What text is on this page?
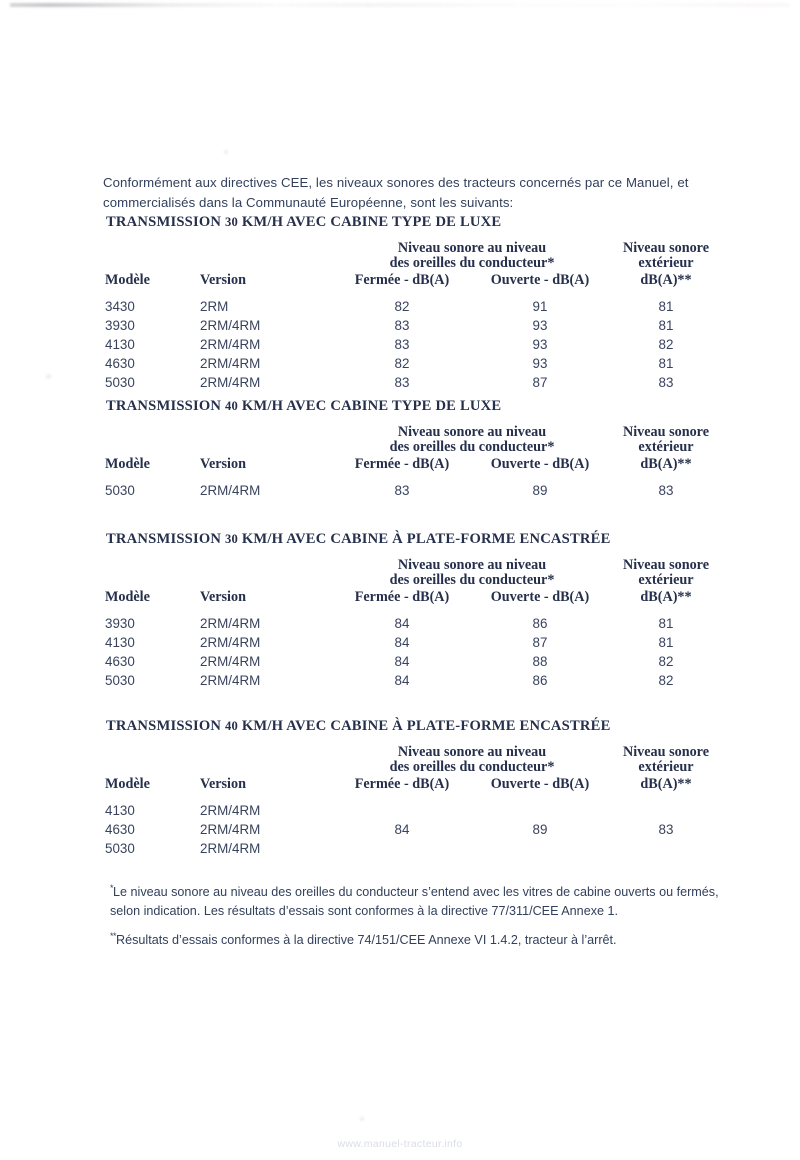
Conformément aux directives CEE, les niveaux sonores des tracteurs concernés par ce Manuel, et commercialisés dans la Communauté Européenne, sont les suivants:

TRANSMISSION 30 KM/H AVEC CABINE TYPE DE LUXE
Niveau sonore au niveau
des oreilles du conducteur*
Niveau sonore
extérieur
Modèle	Version	Fermée - dB(A)	Ouverte - dB(A)	dB(A)**
3430	2RM	82	91	81
3930	2RM/4RM	83	93	81
4130	2RM/4RM	83	93	82
4630	2RM/4RM	82	93	81
5030	2RM/4RM	83	87	83
TRANSMISSION 40 KM/H AVEC CABINE TYPE DE LUXE
Niveau sonore au niveau
des oreilles du conducteur*
Niveau sonore
extérieur
Modèle	Version	Fermée - dB(A)	Ouverte - dB(A)	dB(A)**
5030	2RM/4RM	83	89	83
TRANSMISSION 30 KM/H AVEC CABINE À PLATE-FORME ENCASTRÉE
Niveau sonore au niveau
des oreilles du conducteur*
Niveau sonore
extérieur
Modèle	Version	Fermée - dB(A)	Ouverte - dB(A)	dB(A)**
3930	2RM/4RM	84	86	81
4130	2RM/4RM	84	87	81
4630	2RM/4RM	84	88	82
5030	2RM/4RM	84	86	82
TRANSMISSION 40 KM/H AVEC CABINE À PLATE-FORME ENCASTRÉE
Niveau sonore au niveau
des oreilles du conducteur*
Niveau sonore
extérieur
Modèle	Version	Fermée - dB(A)	Ouverte - dB(A)	dB(A)**
4130	2RM/4RM
4630	2RM/4RM	84	89	83
5030	2RM/4RM

*Le niveau sonore au niveau des oreilles du conducteur s’entend avec les vitres de cabine ouverts ou fermés, selon indication. Les résultats d’essais sont conformes à la directive 77/311/CEE Annexe 1.

**Résultats d’essais conformes à la directive 74/151/CEE Annexe VI 1.4.2, tracteur à l’arrêt.

www.manuel-tracteur.info
